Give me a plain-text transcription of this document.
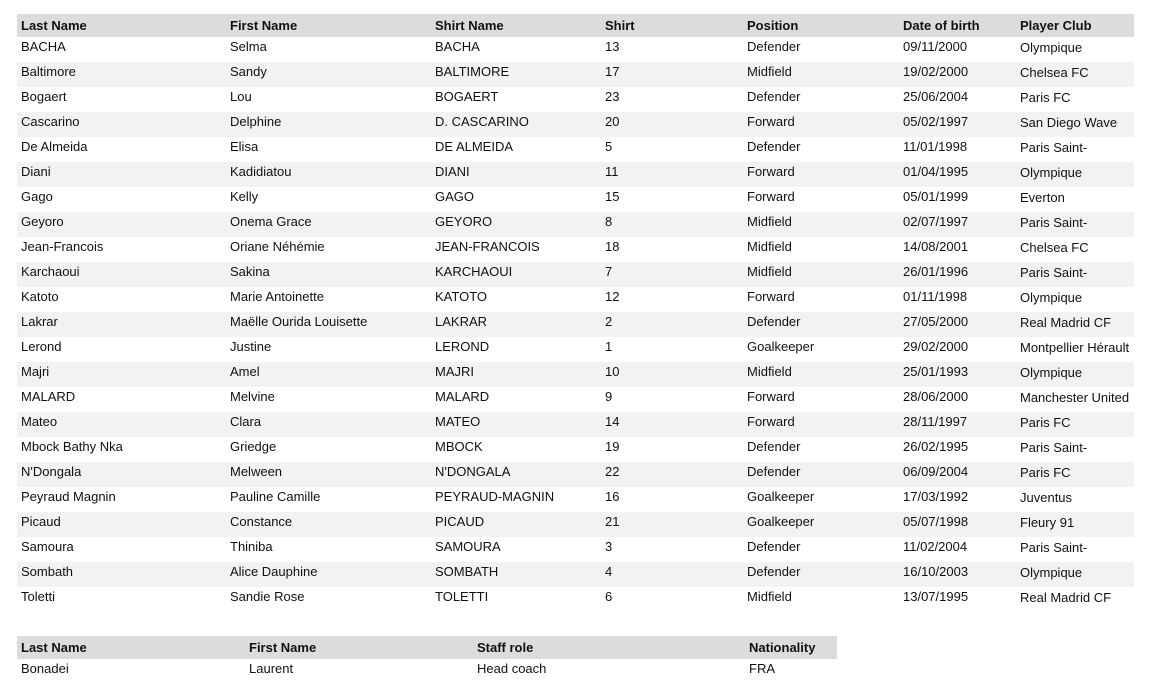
Last Name	First Name	Shirt Name	Shirt	Position	Date of birth	Player Club
BACHA	Selma	BACHA	13	Defender	09/11/2000	Olympique
Baltimore	Sandy	BALTIMORE	17	Midfield	19/02/2000	Chelsea FC
Bogaert	Lou	BOGAERT	23	Defender	25/06/2004	Paris FC
Cascarino	Delphine	D. CASCARINO	20	Forward	05/02/1997	San Diego Wave
De Almeida	Elisa	DE ALMEIDA	5	Defender	11/01/1998	Paris Saint-
Diani	Kadidiatou	DIANI	11	Forward	01/04/1995	Olympique
Gago	Kelly	GAGO	15	Forward	05/01/1999	Everton
Geyoro	Onema Grace	GEYORO	8	Midfield	02/07/1997	Paris Saint-
Jean-Francois	Oriane Néhémie	JEAN-FRANCOIS	18	Midfield	14/08/2001	Chelsea FC
Karchaoui	Sakina	KARCHAOUI	7	Midfield	26/01/1996	Paris Saint-
Katoto	Marie Antoinette	KATOTO	12	Forward	01/11/1998	Olympique
Lakrar	Maëlle Ourida Louisette	LAKRAR	2	Defender	27/05/2000	Real Madrid CF
Lerond	Justine	LEROND	1	Goalkeeper	29/02/2000	Montpellier Hérault
Majri	Amel	MAJRI	10	Midfield	25/01/1993	Olympique
MALARD	Melvine	MALARD	9	Forward	28/06/2000	Manchester United
Mateo	Clara	MATEO	14	Forward	28/11/1997	Paris FC
Mbock Bathy Nka	Griedge	MBOCK	19	Defender	26/02/1995	Paris Saint-
N'Dongala	Melween	N'DONGALA	22	Defender	06/09/2004	Paris FC
Peyraud Magnin	Pauline Camille	PEYRAUD-MAGNIN	16	Goalkeeper	17/03/1992	Juventus
Picaud	Constance	PICAUD	21	Goalkeeper	05/07/1998	Fleury 91
Samoura	Thiniba	SAMOURA	3	Defender	11/02/2004	Paris Saint-
Sombath	Alice Dauphine	SOMBATH	4	Defender	16/10/2003	Olympique
Toletti	Sandie Rose	TOLETTI	6	Midfield	13/07/1995	Real Madrid CF
Last Name	First Name	Staff role	Nationality
Bonadei	Laurent	Head coach	FRA
